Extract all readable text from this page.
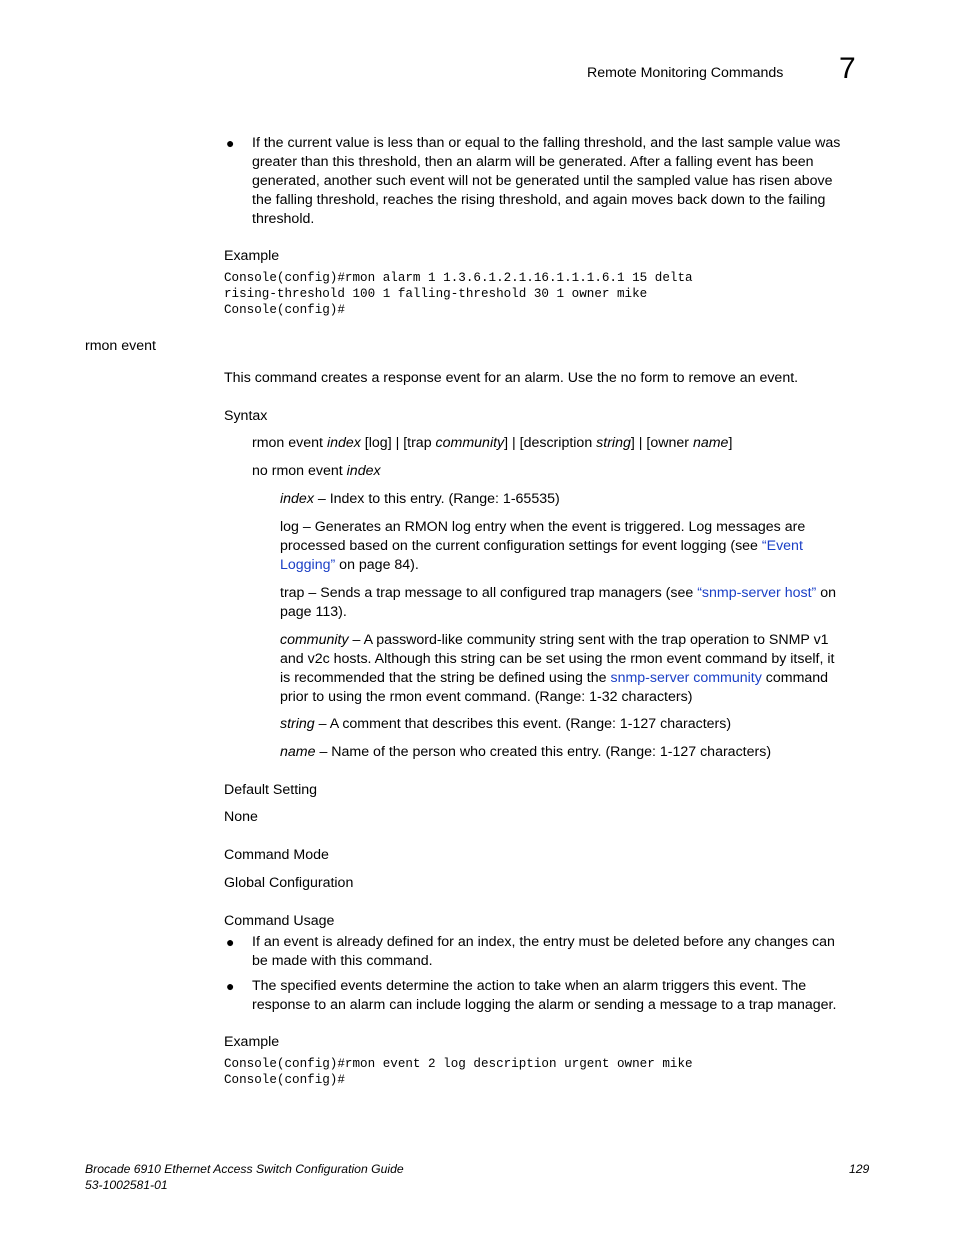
Remote Monitoring Commands 7
● If the current value is less than or equal to the falling threshold, and the last sample value was
greater than this threshold, then an alarm will be generated. After a falling event has been
generated, another such event will not be generated until the sampled value has risen above
the falling threshold, reaches the rising threshold, and again moves back down to the failing
threshold.
Example
Console(config)#rmon alarm 1 1.3.6.1.2.1.16.1.1.1.6.1 15 delta
rising-threshold 100 1 falling-threshold 30 1 owner mike
Console(config)#
rmon event
This command creates a response event for an alarm. Use the no form to remove an event.
Syntax
rmon event index [log] | [trap community] | [description string] | [owner name]
no rmon event index
index – Index to this entry. (Range: 1-65535)
log – Generates an RMON log entry when the event is triggered. Log messages are
processed based on the current configuration settings for event logging (see “Event
Logging” on page 84).
trap – Sends a trap message to all configured trap managers (see “snmp-server host” on
page 113).
community – A password-like community string sent with the trap operation to SNMP v1
and v2c hosts. Although this string can be set using the rmon event command by itself, it
is recommended that the string be defined using the snmp-server community command
prior to using the rmon event command. (Range: 1-32 characters)
string – A comment that describes this event. (Range: 1-127 characters)
name – Name of the person who created this entry. (Range: 1-127 characters)
Default Setting
None
Command Mode
Global Configuration
Command Usage
● If an event is already defined for an index, the entry must be deleted before any changes can
be made with this command.
● The specified events determine the action to take when an alarm triggers this event. The
response to an alarm can include logging the alarm or sending a message to a trap manager.
Example
Console(config)#rmon event 2 log description urgent owner mike
Console(config)#
Brocade 6910 Ethernet Access Switch Configuration Guide
53-1002581-01
129
